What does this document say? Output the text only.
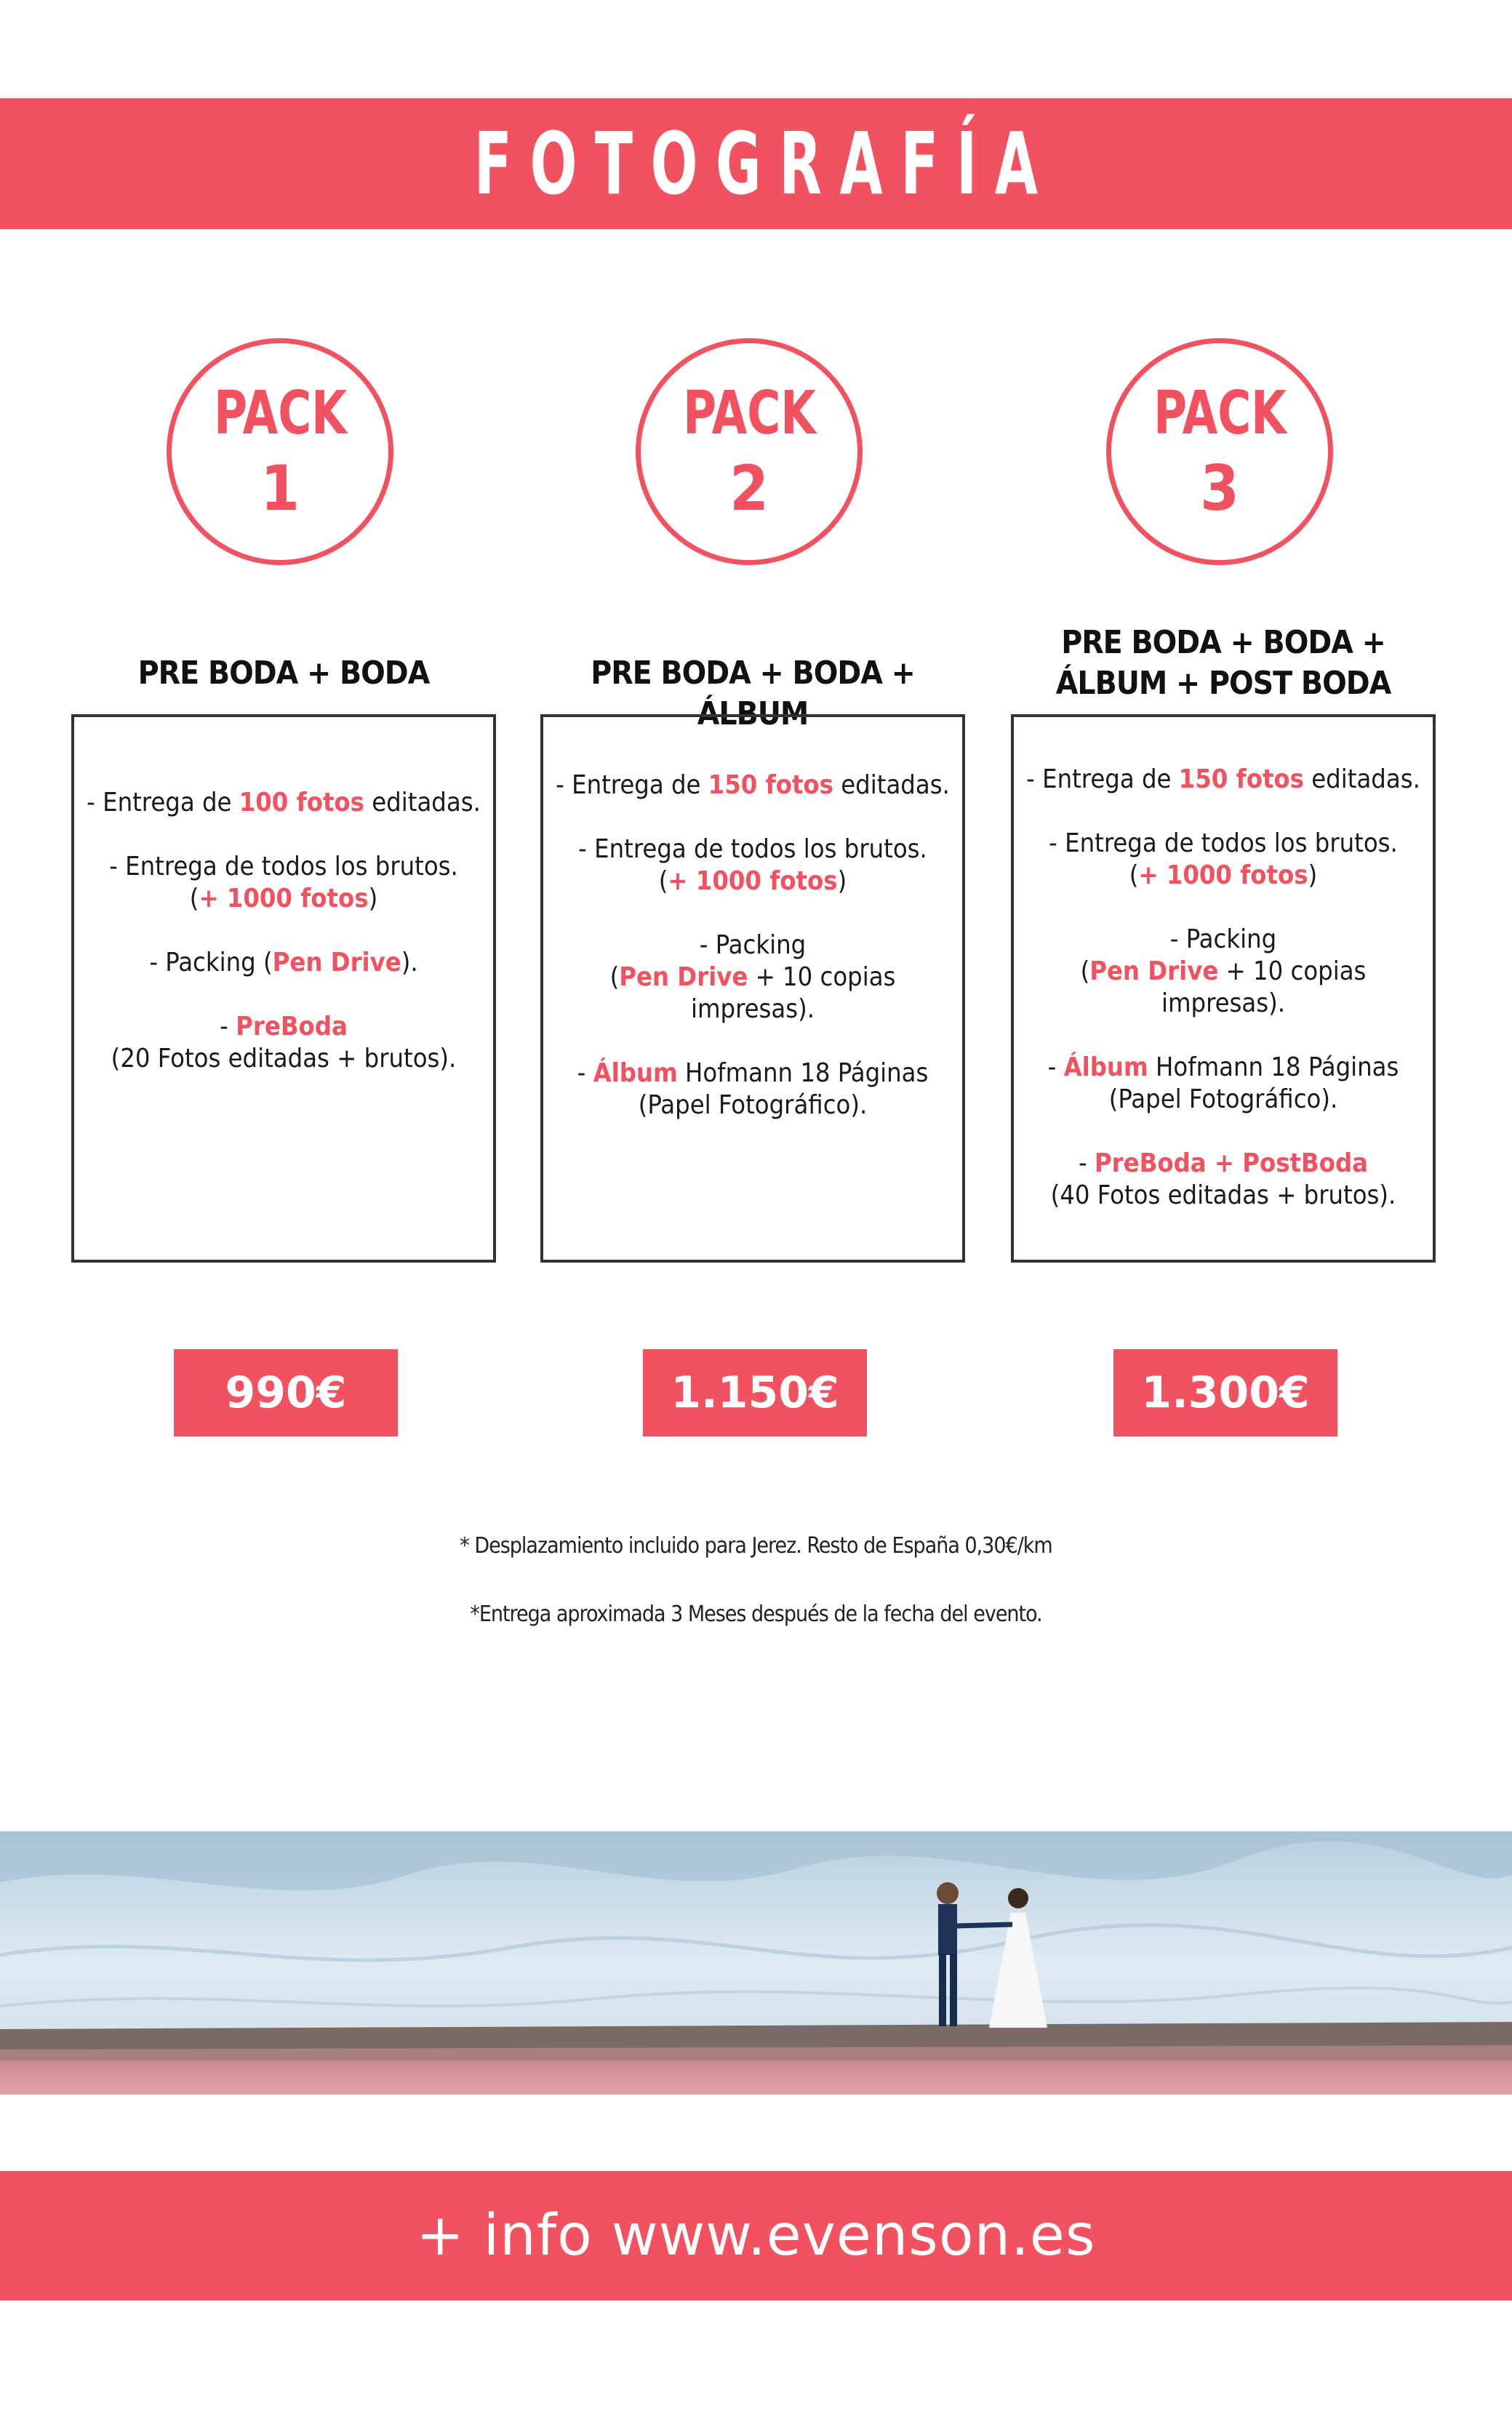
FOTOGRAFÍA
PACK
1
PRE BODA + BODA

- Entrega de 100 fotos editadas.

- Entrega de todos los brutos.
(+ 1000 fotos)

- Packing (Pen Drive).

- PreBoda
(20 Fotos editadas + brutos).

990€
PACK
2
PRE BODA + BODA + ÁLBUM

- Entrega de 150 fotos editadas.

- Entrega de todos los brutos.
(+ 1000 fotos)

- Packing
(Pen Drive + 10 copias impresas).

- Álbum Hofmann 18 Páginas
(Papel Fotográfico).

1.150€
PACK
3
PRE BODA + BODA +
ÁLBUM + POST BODA

- Entrega de 150 fotos editadas.

- Entrega de todos los brutos.
(+ 1000 fotos)

- Packing
(Pen Drive + 10 copias impresas).

- Álbum Hofmann 18 Páginas
(Papel Fotográfico).

- PreBoda + PostBoda
(40 Fotos editadas + brutos).

1.300€
* Desplazamiento incluido para Jerez. Resto de España 0,30€/km
*Entrega aproximada 3 Meses después de la fecha del evento.
+ info www.evenson.es
